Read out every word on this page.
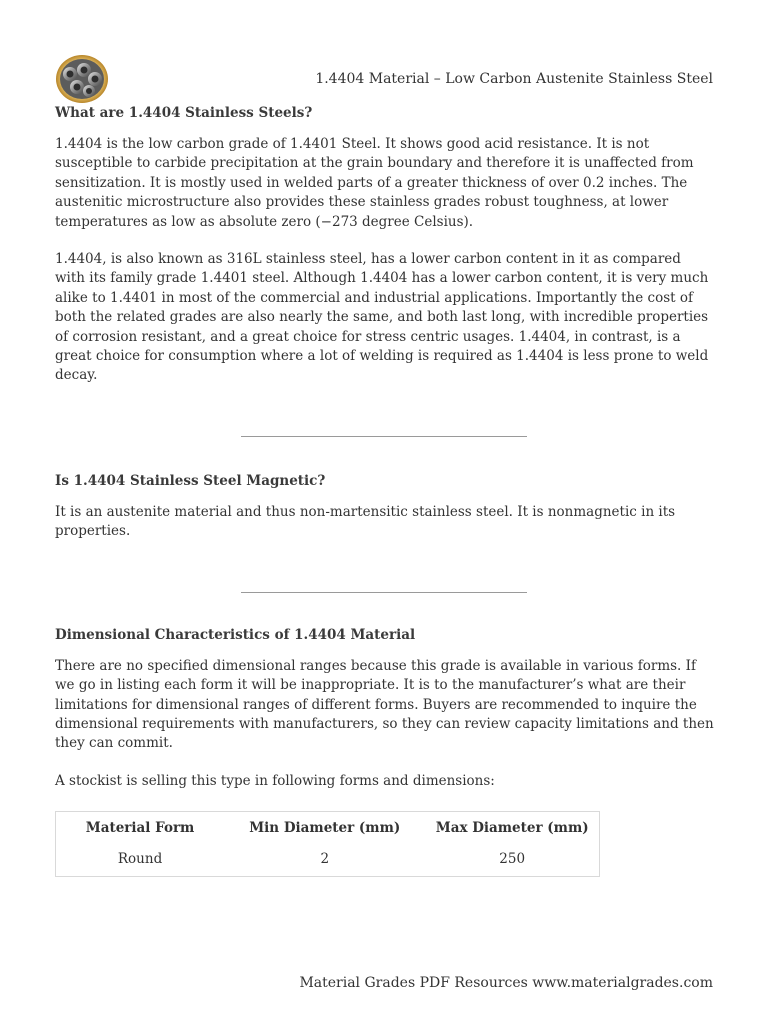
1.4404 Material – Low Carbon Austenite Stainless Steel
What are 1.4404 Stainless Steels?

1.4404 is the low carbon grade of 1.4401 Steel. It shows good acid resistance. It is not susceptible to carbide precipitation at the grain boundary and therefore it is unaffected from sensitization. It is mostly used in welded parts of a greater thickness of over 0.2 inches. The austenitic microstructure also provides these stainless grades robust toughness, at lower temperatures as low as absolute zero (−273 degree Celsius).

1.4404, is also known as 316L stainless steel, has a lower carbon content in it as compared with its family grade 1.4401 steel. Although 1.4404 has a lower carbon content, it is very much alike to 1.4401 in most of the commercial and industrial applications. Importantly the cost of both the related grades are also nearly the same, and both last long, with incredible properties of corrosion resistant, and a great choice for stress centric usages. 1.4404, in contrast, is a great choice for consumption where a lot of welding is required as 1.4404 is less prone to weld decay.

Is 1.4404 Stainless Steel Magnetic?

It is an austenite material and thus non-martensitic stainless steel. It is nonmagnetic in its properties.

Dimensional Characteristics of 1.4404 Material

There are no specified dimensional ranges because this grade is available in various forms. If we go in listing each form it will be inappropriate. It is to the manufacturer’s what are their limitations for dimensional ranges of different forms. Buyers are recommended to inquire the dimensional requirements with manufacturers, so they can review capacity limitations and then they can commit.

A stockist is selling this type in following forms and dimensions:

Material Form	Min Diameter (mm)	Max Diameter (mm)
Round	2	250
Material Grades PDF Resources www.materialgrades.com
